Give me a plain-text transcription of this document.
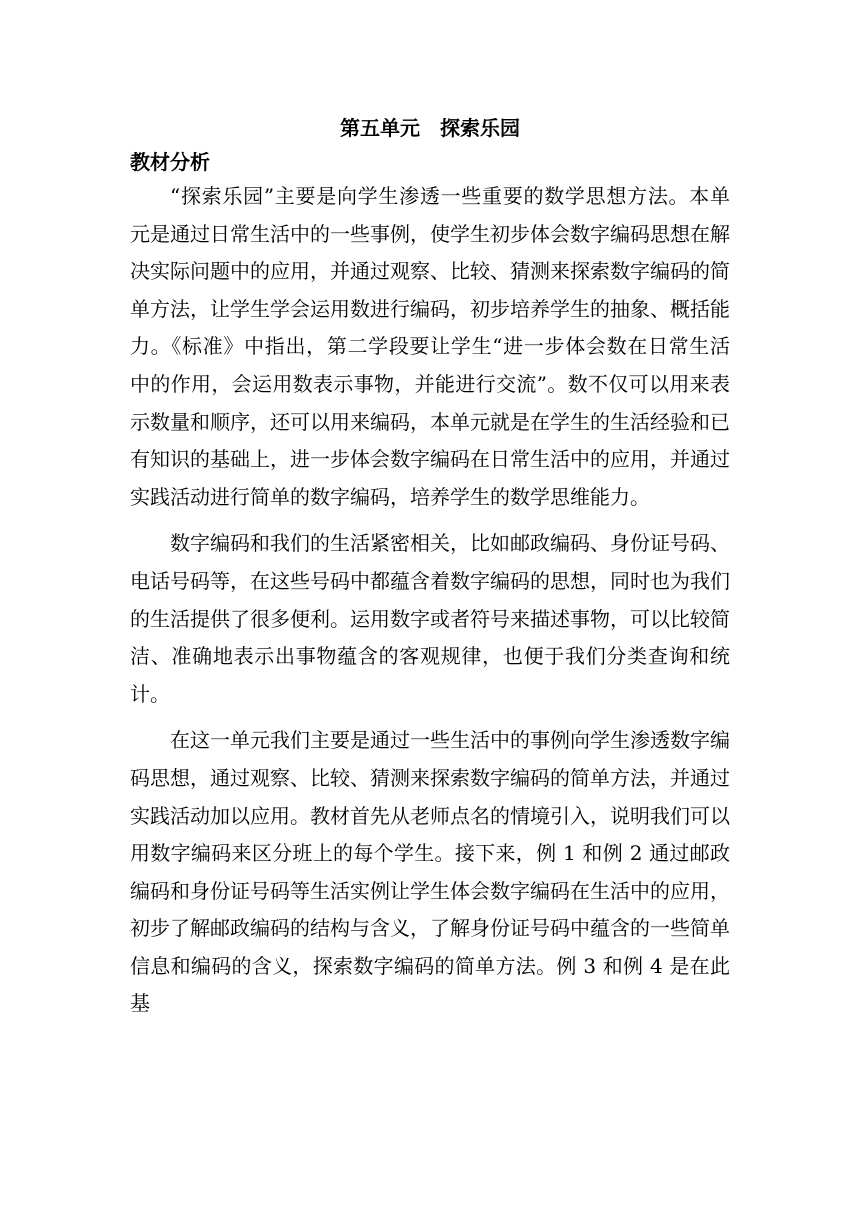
第五单元　探索乐园
教材分析

“探索乐园”主要是向学生渗透一些重要的数学思想方法。本单元是通过日常生活中的一些事例，使学生初步体会数字编码思想在解决实际问题中的应用，并通过观察、比较、猜测来探索数字编码的简单方法，让学生学会运用数进行编码，初步培养学生的抽象、概括能力。《标准》中指出，第二学段要让学生“进一步体会数在日常生活中的作用，会运用数表示事物，并能进行交流”。数不仅可以用来表示数量和顺序，还可以用来编码，本单元就是在学生的生活经验和已有知识的基础上，进一步体会数字编码在日常生活中的应用，并通过实践活动进行简单的数字编码，培养学生的数学思维能力。

数字编码和我们的生活紧密相关，比如邮政编码、身份证号码、电话号码等，在这些号码中都蕴含着数字编码的思想，同时也为我们的生活提供了很多便利。运用数字或者符号来描述事物，可以比较简洁、准确地表示出事物蕴含的客观规律，也便于我们分类查询和统计。

在这一单元我们主要是通过一些生活中的事例向学生渗透数字编码思想，通过观察、比较、猜测来探索数字编码的简单方法，并通过实践活动加以应用。教材首先从老师点名的情境引入，说明我们可以用数字编码来区分班上的每个学生。接下来，例 1 和例 2 通过邮政编码和身份证号码等生活实例让学生体会数字编码在生活中的应用，初步了解邮政编码的结构与含义，了解身份证号码中蕴含的一些简单信息和编码的含义，探索数字编码的简单方法。例 3 和例 4 是在此基
